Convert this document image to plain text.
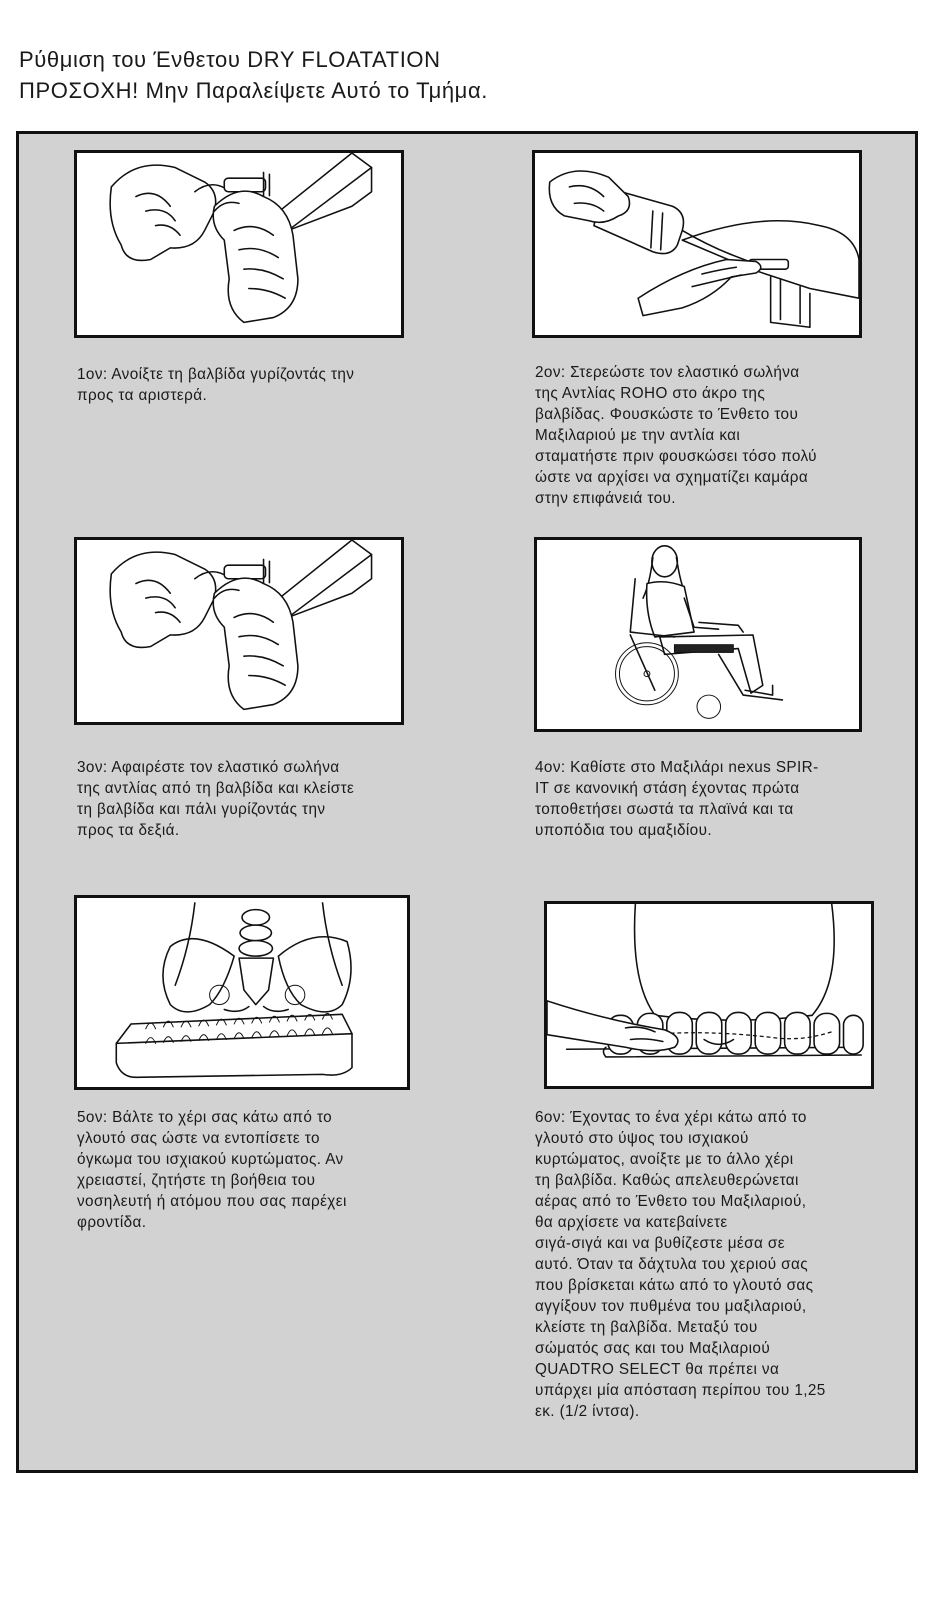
Ρύθμιση του Ένθετου DRY FLOATATION
ΠΡΟΣΟΧΗ! Μην Παραλείψετε Αυτό το Τμήμα.
1ον: Ανοίξτε τη βαλβίδα γυρίζοντάς την
προς τα αριστερά.
2ον: Στερεώστε τον ελαστικό σωλήνα
της Αντλίας ROHO στο άκρο της
βαλβίδας. Φουσκώστε το Ένθετο του
Μαξιλαριού με την αντλία και
σταματήστε πριν φουσκώσει τόσο πολύ
ώστε να αρχίσει να σχηματίζει καμάρα
στην επιφάνειά του.
3ον: Αφαιρέστε τον ελαστικό σωλήνα
της αντλίας από τη βαλβίδα και κλείστε
τη βαλβίδα και πάλι γυρίζοντάς την
προς τα δεξιά.
4ον: Καθίστε στο Μαξιλάρι nexus SPIR-
IT σε κανονική στάση έχοντας πρώτα
τοποθετήσει σωστά τα πλαϊνά και τα
υποπόδια του αμαξιδίου.
5ον: Βάλτε το χέρι σας κάτω από το
γλουτό σας ώστε να εντοπίσετε το
όγκωμα του ισχιακού κυρτώματος. Αν
χρειαστεί, ζητήστε τη βοήθεια του
νοσηλευτή ή ατόμου που σας παρέχει
φροντίδα.
6ον: Έχοντας το ένα χέρι κάτω από το
γλουτό στο ύψος του ισχιακού
κυρτώματος, ανοίξτε με το άλλο χέρι
τη βαλβίδα. Καθώς απελευθερώνεται
αέρας από το Ένθετο του Μαξιλαριού,
θα αρχίσετε να κατεβαίνετε
σιγά-σιγά και να βυθίζεστε μέσα σε
αυτό. Όταν τα δάχτυλα του χεριού σας
που βρίσκεται κάτω από το γλουτό σας
αγγίξουν τον πυθμένα του μαξιλαριού,
κλείστε τη βαλβίδα. Μεταξύ του
σώματός σας και του Μαξιλαριού
QUADTRO SELECT θα πρέπει να
υπάρχει μία απόσταση περίπου του 1,25
εκ. (1/2 ίντσα).
